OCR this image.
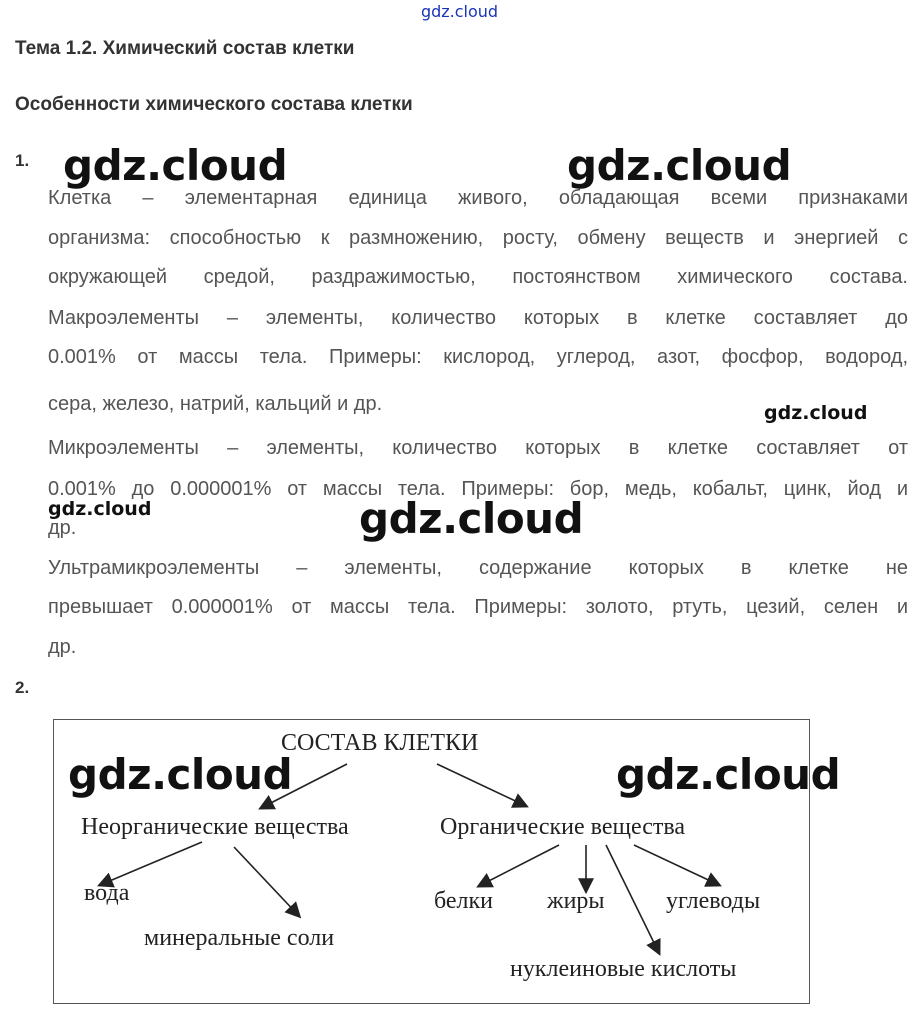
gdz.cloud
Тема 1.2. Химический состав клетки
Особенности химического состава клетки
1.
Клетка – элементарная единица живого, обладающая всеми признаками
организма: способностью к размножению, росту, обмену веществ и энергией с
окружающей средой, раздражимостью, постоянством химического состава.
Макроэлементы – элементы, количество которых в клетке составляет до
0.001% от массы тела. Примеры: кислород, углерод, азот, фосфор, водород,
сера, железо, натрий, кальций и др.
Микроэлементы – элементы, количество которых в клетке составляет от
0.001% до 0.000001% от массы тела. Примеры: бор, медь, кобальт, цинк, йод и
др.
Ультрамикроэлементы – элементы, содержание которых в клетке не
превышает 0.000001% от массы тела. Примеры: золото, ртуть, цезий, селен и
др.
2.
СОСТАВ КЛЕТКИ
Неорганические вещества	Органические вещества
вода
минеральные соли
белки жиры	углеводы
нуклеиновые кислоты
gdz.cloud	gdz.cloud
gdz.cloud
gdz.cloud	gdz.cloud
gdz.cloud	gdz.cloud
